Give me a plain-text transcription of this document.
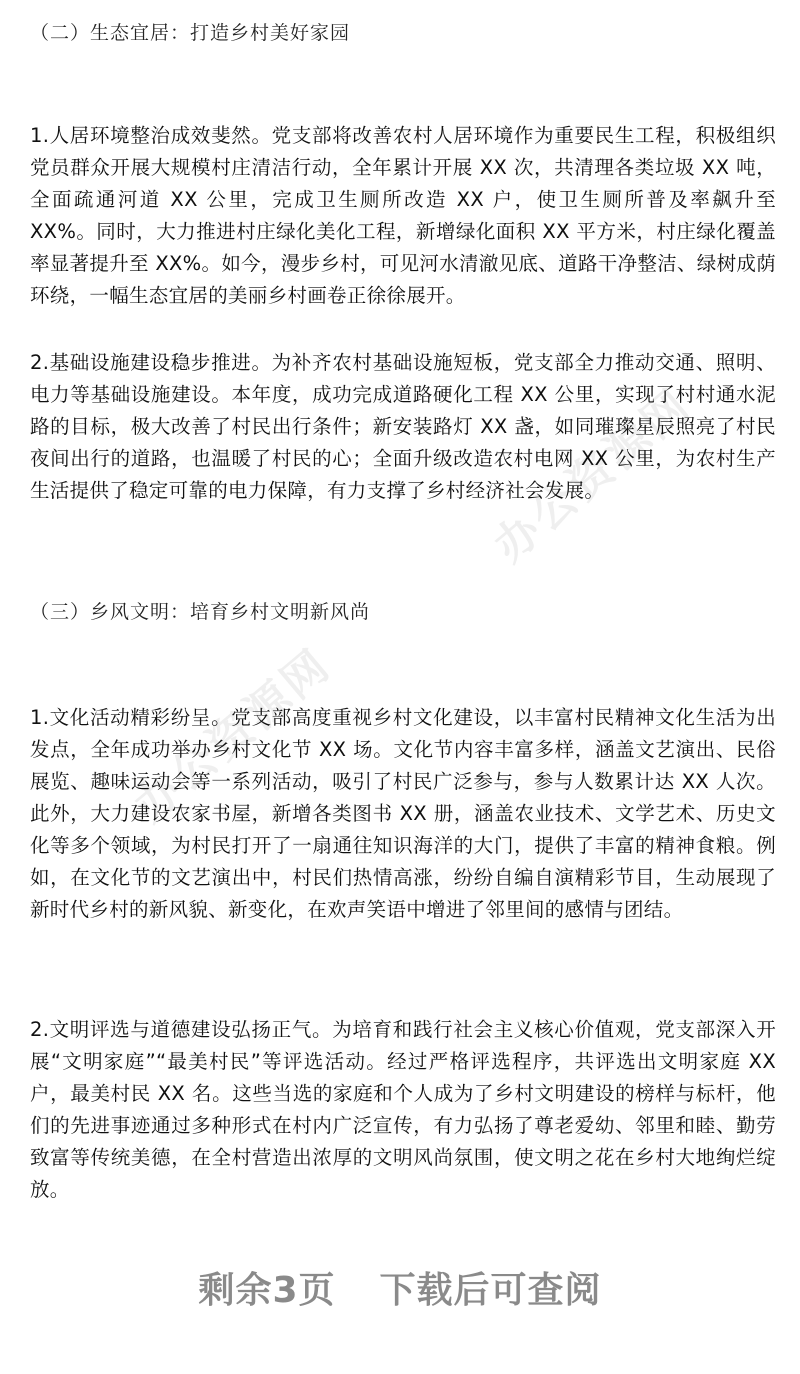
办公资源网
办公资源网
（二）生态宜居：打造乡村美好家园
1.人居环境整治成效斐然。党支部将改善农村人居环境作为重要民生工程，积极组织党员群众开展大规模村庄清洁行动，全年累计开展 XX 次，共清理各类垃圾 XX 吨，全面疏通河道 XX 公里，完成卫生厕所改造 XX 户，使卫生厕所普及率飙升至 XX%。同时，大力推进村庄绿化美化工程，新增绿化面积 XX 平方米，村庄绿化覆盖率显著提升至 XX%。如今，漫步乡村，可见河水清澈见底、道路干净整洁、绿树成荫环绕，一幅生态宜居的美丽乡村画卷正徐徐展开。
2.基础设施建设稳步推进。为补齐农村基础设施短板，党支部全力推动交通、照明、电力等基础设施建设。本年度，成功完成道路硬化工程 XX 公里，实现了村村通水泥路的目标，极大改善了村民出行条件；新安装路灯 XX 盏，如同璀璨星辰照亮了村民夜间出行的道路，也温暖了村民的心；全面升级改造农村电网 XX 公里，为农村生产生活提供了稳定可靠的电力保障，有力支撑了乡村经济社会发展。
（三）乡风文明：培育乡村文明新风尚
1.文化活动精彩纷呈。党支部高度重视乡村文化建设，以丰富村民精神文化生活为出发点，全年成功举办乡村文化节 XX 场。文化节内容丰富多样，涵盖文艺演出、民俗展览、趣味运动会等一系列活动，吸引了村民广泛参与，参与人数累计达 XX 人次。此外，大力建设农家书屋，新增各类图书 XX 册，涵盖农业技术、文学艺术、历史文化等多个领域，为村民打开了一扇通往知识海洋的大门，提供了丰富的精神食粮。例如，在文化节的文艺演出中，村民们热情高涨，纷纷自编自演精彩节目，生动展现了新时代乡村的新风貌、新变化，在欢声笑语中增进了邻里间的感情与团结。
2.文明评选与道德建设弘扬正气。为培育和践行社会主义核心价值观，党支部深入开展“文明家庭”“最美村民”等评选活动。经过严格评选程序，共评选出文明家庭 XX 户，最美村民 XX 名。这些当选的家庭和个人成为了乡村文明建设的榜样与标杆，他们的先进事迹通过多种形式在村内广泛宣传，有力弘扬了尊老爱幼、邻里和睦、勤劳致富等传统美德，在全村营造出浓厚的文明风尚氛围，使文明之花在乡村大地绚烂绽放。
剩余3页 下载后可查阅
